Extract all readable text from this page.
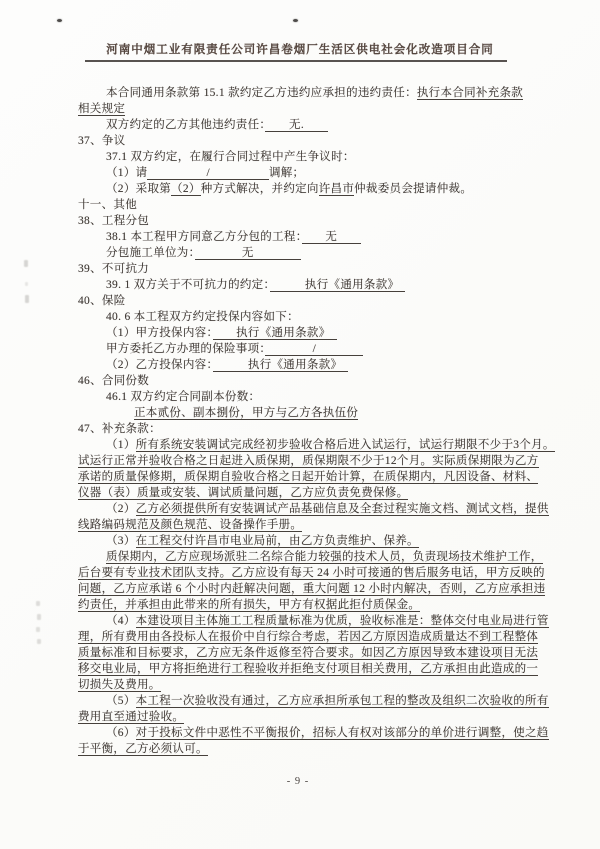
河南中烟工业有限责任公司许昌卷烟厂生活区供电社会化改造项目合同
本合同通用条款第 15.1 款约定乙方违约应承担的违约责任：执行本合同补充条款
相关规定
双方约定的乙方其他违约责任：　　无.　　
37、争议
37.1 双方约定，在履行合同过程中产生争议时：
（1）请　　　　　/　　　　　调解；
（2）采取第（2）种方式解决，并约定向许昌市仲裁委员会提请仲裁。
十一、其他
38、工程分包
38.1 本工程甲方同意乙方分包的工程：　　无　　
分包施工单位为：　　　　无　　　　
39、不可抗力
39. 1 双方关于不可抗力的约定：　　　执行《通用条款》　
40、保险
40. 6 本工程双方约定投保内容如下：
（1）甲方投保内容：　　执行《通用条款》　
甲方委托乙方办理的保险事项：　　　　/　　　　
（2）乙方投保内容：　　　执行《通用条款》　
46、合同份数
46.1 双方约定合同副本份数：
正本贰份、副本捌份，甲方与乙方各执伍份
47、补充条款：
（1）所有系统安装调试完成经初步验收合格后进入试运行，试运行期限不少于3个月。
试运行正常并验收合格之日起进入质保期，质保期限不少于12个月。实际质保期限为乙方
承诺的质量保修期，质保期自验收合格之日起开始计算，在质保期内，凡因设备、材料、
仪器（表）质量或安装、调试质量问题，乙方应负责免费保修。
（2）乙方必须提供所有安装调试产品基础信息及全套过程实施文档、测试文档，提供
线路编码规范及颜色规范、设备操作手册。
（3）在工程交付许昌市电业局前，由乙方负责维护、保养。
质保期内，乙方应现场派驻二名综合能力较强的技术人员，负责现场技术维护工作，
后台要有专业技术团队支持。乙方应设有每天 24 小时可接通的售后服务电话，甲方反映的
问题，乙方应承诺 6 个小时内赶解决问题，重大问题 12 小时内解决，否则，乙方应承担违
约责任，并承担由此带来的所有损失，甲方有权据此拒付质保金。
（4）本建设项目主体施工工程质量标准为优质，验收标准是：整体交付电业局进行管
理，所有费用由各投标人在报价中自行综合考虑，若因乙方原因造成质量达不到工程整体
质量标准和目标要求，乙方应无条件返修至符合要求。如因乙方原因导致本建设项目无法
移交电业局，甲方将拒绝进行工程验收并拒绝支付项目相关费用，乙方承担由此造成的一
切损失及费用。
（5）本工程一次验收没有通过，乙方应承担所承包工程的整改及组织二次验收的所有
费用直至通过验收。
（6）对于投标文件中恶性不平衡报价，招标人有权对该部分的单价进行调整，使之趋
于平衡，乙方必须认可。
- 9 -
